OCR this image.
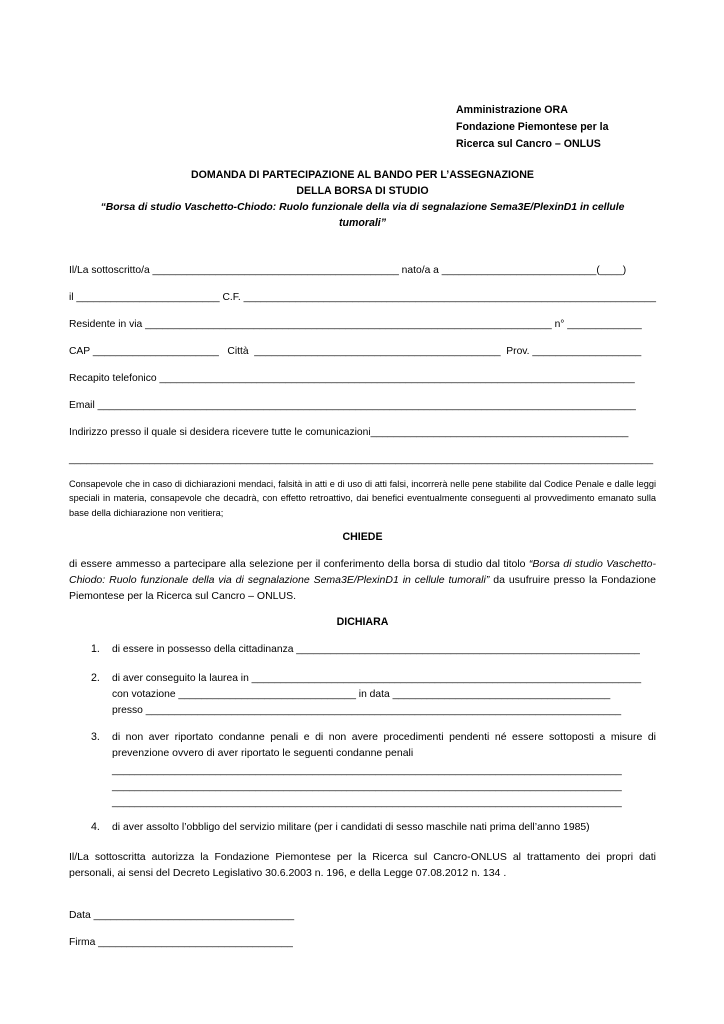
Amministrazione ORA
Fondazione Piemontese per la
Ricerca sul Cancro – ONLUS
DOMANDA DI PARTECIPAZIONE AL BANDO PER L’ASSEGNAZIONE
DELLA BORSA DI STUDIO
“Borsa di studio Vaschetto-Chiodo: Ruolo funzionale della via di segnalazione Sema3E/PlexinD1 in cellule
tumorali”
Il/La sottoscritto/a ___________________________________________ nato/a a ___________________________(____)
il _________________________ C.F. ________________________________________________________________________
Residente in via _______________________________________________________________________ n° _____________
CAP ______________________   Città  ___________________________________________  Prov. ___________________
Recapito telefonico ___________________________________________________________________________________
Email ______________________________________________________________________________________________
Indirizzo presso il quale si desidera ricevere tutte le comunicazioni_____________________________________________
______________________________________________________________________________________________________
Consapevole che in caso di dichiarazioni mendaci, falsità in atti e di uso di atti falsi, incorrerà nelle pene stabilite dal Codice Penale e dalle leggi speciali in materia, consapevole che decadrà, con effetto retroattivo, dai benefici eventualmente conseguenti al provvedimento emanato sulla base della dichiarazione non veritiera;
CHIEDE
di essere ammesso a partecipare alla selezione per il conferimento della borsa di studio dal titolo “Borsa di studio Vaschetto-Chiodo: Ruolo funzionale della via di segnalazione Sema3E/PlexinD1 in cellule tumorali” da usufruire presso la Fondazione Piemontese per la Ricerca sul Cancro – ONLUS.
DICHIARA
1. di essere in possesso della cittadinanza ____________________________________________________________
2. di aver conseguito la laurea in ____________________________________________________________________
con votazione _______________________________ in data ______________________________________
presso ___________________________________________________________________________________
3. di non aver riportato condanne penali e di non avere procedimenti pendenti né essere sottoposti a misure di prevenzione ovvero di aver riportato le seguenti condanne penali
_________________________________________________________________________________________
_________________________________________________________________________________________
_________________________________________________________________________________________
4. di aver assolto l’obbligo del servizio militare (per i candidati di sesso maschile nati prima dell’anno 1985)
Il/La sottoscritta autorizza la Fondazione Piemontese per la Ricerca sul Cancro-ONLUS al trattamento dei propri dati personali, ai sensi del Decreto Legislativo 30.6.2003 n. 196, e della Legge 07.08.2012 n. 134 .
Data ___________________________________
Firma __________________________________
